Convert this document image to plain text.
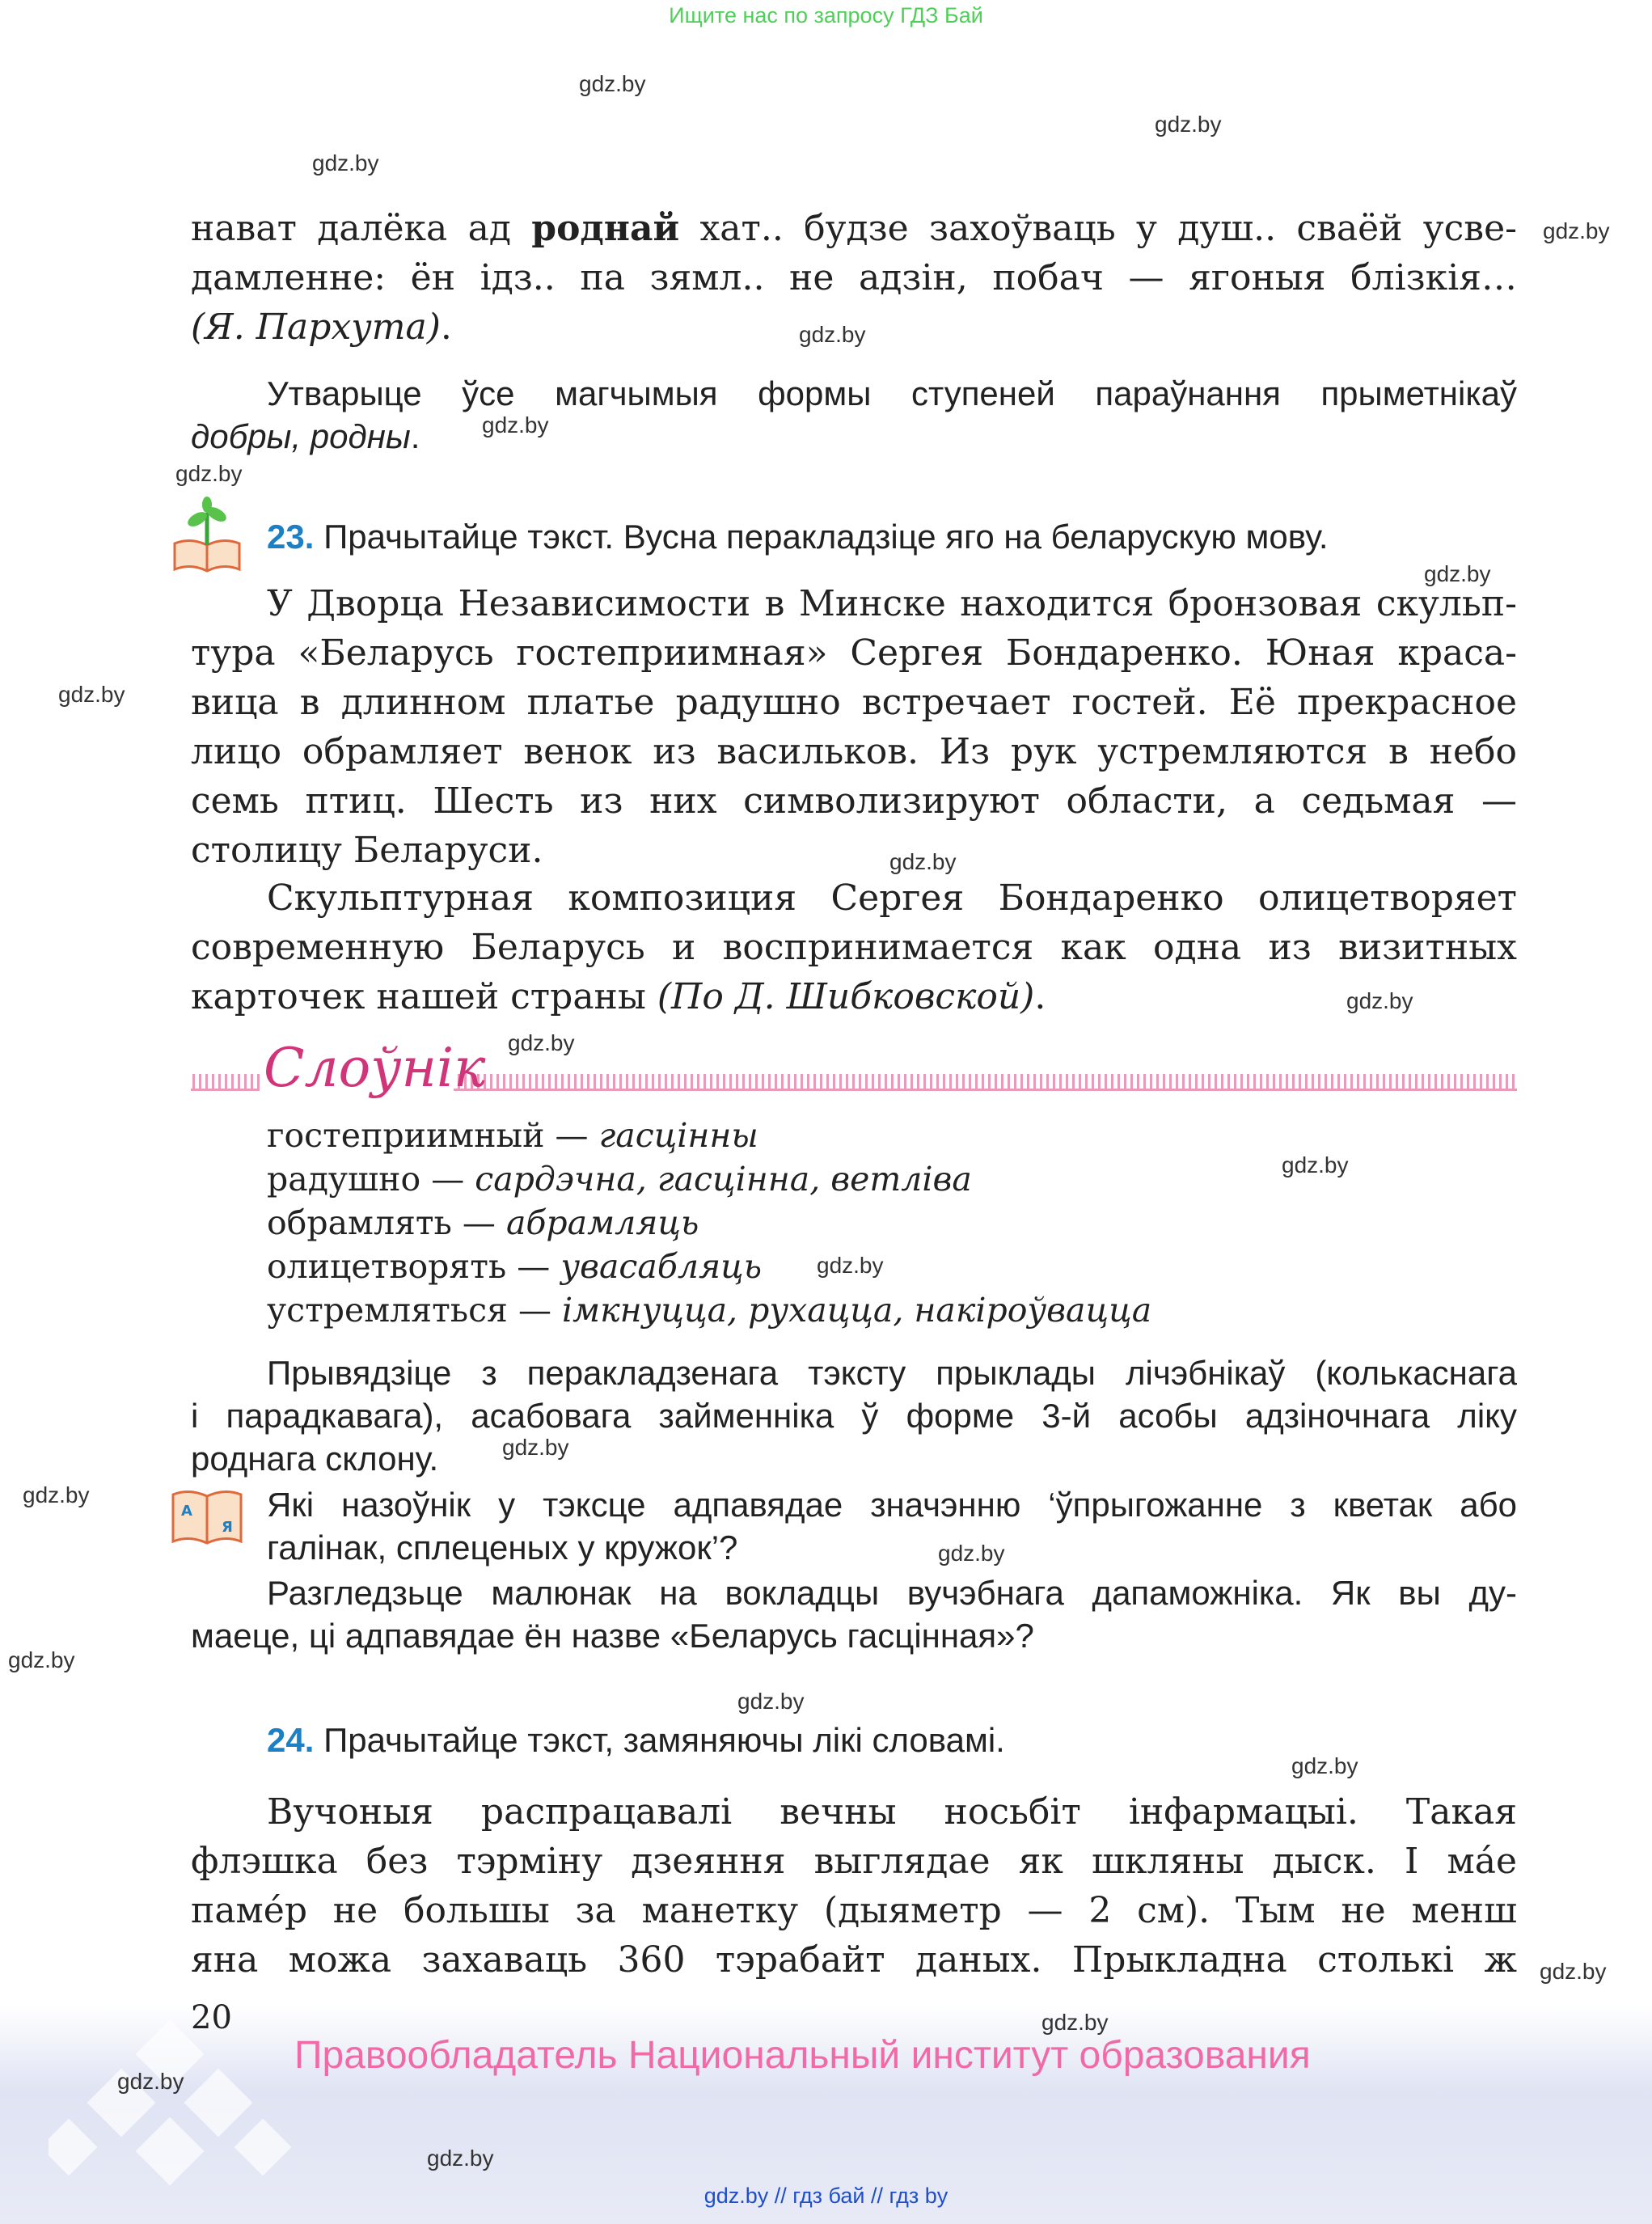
Ищите нас по запросу ГДЗ Бай
gdz.by
gdz.by
gdz.by
gdz.by
gdz.by
gdz.by
gdz.by
gdz.by
gdz.by
gdz.by
gdz.by
gdz.by
gdz.by
gdz.by
gdz.by
gdz.by
gdz.by
gdz.by
gdz.by
gdz.by
gdz.by
gdz.by
gdz.by
gdz.by
нават далёка ад роднай хат.. будзе захоўваць у душ.. сваёй усве-
дамленне: ён ідз.. па зямл.. не адзін, побач — ягоныя блізкія…
(Я. Пархута).
Утварыце ўсе магчымыя формы ступеней параўнання прыметнікаў
добры, родны.
23. Прачытайце тэкст. Вусна перакладзіце яго на беларускую мову.
У Дворца Независимости в Минске находится бронзовая скульп-
тура «Беларусь гостеприимная» Сергея Бондаренко. Юная краса-
вица в длинном платье радушно встречает гостей. Её прекрасное
лицо обрамляет венок из васильков. Из рук устремляются в небо
семь птиц. Шесть из них символизируют области, а седьмая —
столицу Беларуси.
Скульптурная композиция Сергея Бондаренко олицетворяет
современную Беларусь и воспринимается как одна из визитных
карточек нашей страны (По Д. Шибковской).
Слоўнік
гостеприимный — гасцінны
радушно — сардэчна, гасцінна, ветліва
обрамлять — абрамляць
олицетворять — увасабляць
устремляться — імкнуцца, рухацца, накіроўвацца
Прывядзіце з перакладзенага тэксту прыклады лічэбнікаў (колькаснага
і парадкавага), асабовага займенніка ў форме 3-й асобы адзіночнага ліку
роднага склону.
А
Я
Які назоўнік у тэксце адпавядае значэнню ‘ўпрыгожанне з кветак або
галінак, сплеценых у кружок’?
Разгледзьце малюнак на вокладцы вучэбнага дапаможніка. Як вы ду-
маеце, ці адпавядае ён назве «Беларусь гасцінная»?
24. Прачытайце тэкст, замяняючы лікі словамі.
Вучоныя распрацавалі вечны носьбіт інфармацыі. Такая
флэшка без тэрміну дзеяння выглядае як шкляны дыск. І ма́е
паме́р не большы за манетку (дыяметр — 2 см). Тым не менш
яна можа захаваць 360 тэрабайт даных. Прыкладна столькі ж
20
Правообладатель Национальный институт образования
gdz.by // гдз бай // гдз by
